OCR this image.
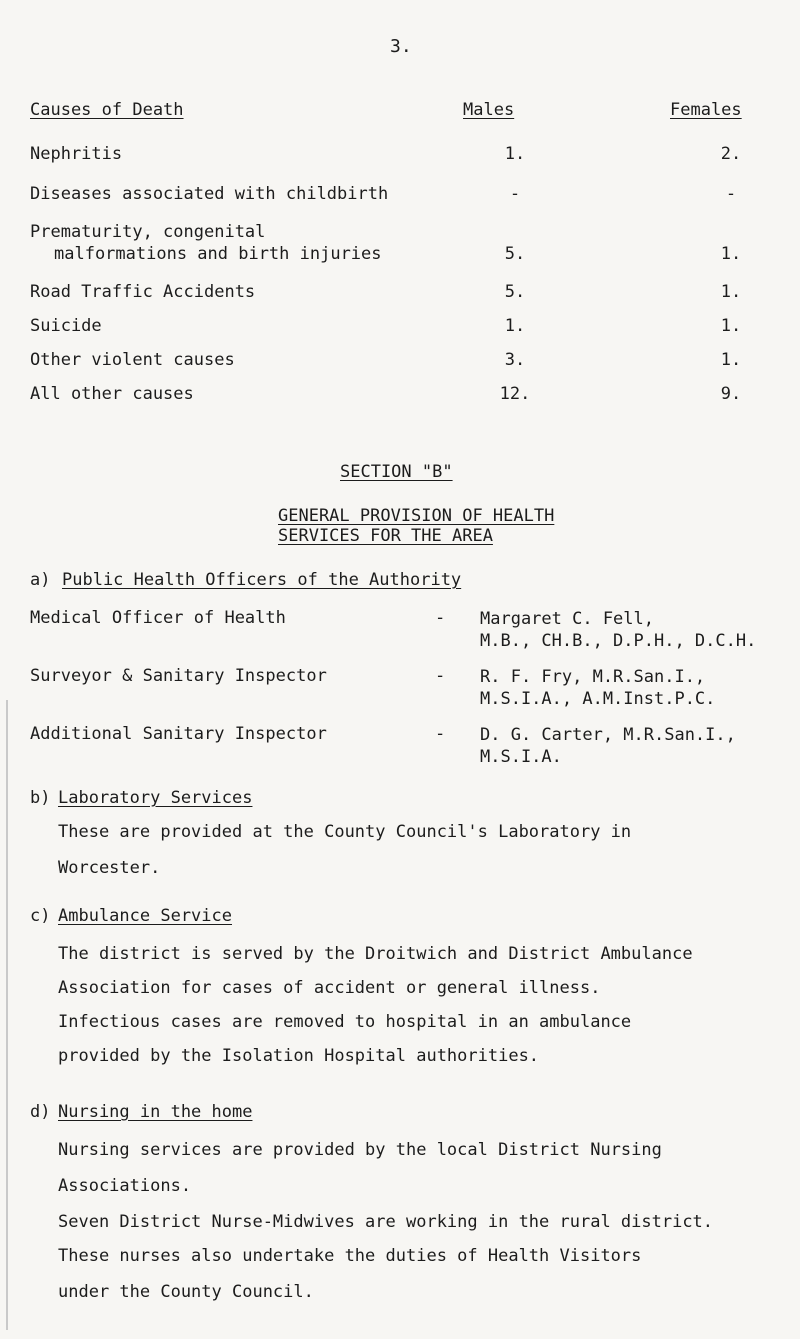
3.
Causes of Death	Males	Females
Nephritis	1.	2.
Diseases associated with childbirth	-	-
Prematurity, congenital
malformations and birth injuries	5.	1.
Road Traffic Accidents	5.	1.
Suicide	1.	1.
Other violent causes	3.	1.
All other causes	12.	9.
SECTION "B"
GENERAL PROVISION OF HEALTH
SERVICES FOR THE AREA
a) Public Health Officers of the Authority
Medical Officer of Health	- Margaret C. Fell,
M.B., CH.B., D.P.H., D.C.H.
Surveyor & Sanitary Inspector	- R. F. Fry, M.R.San.I.,
M.S.I.A., A.M.Inst.P.C.
Additional Sanitary Inspector	- D. G. Carter, M.R.San.I.,
M.S.I.A.
b) Laboratory Services
These are provided at the County Council's Laboratory in
Worcester.
c) Ambulance Service
The district is served by the Droitwich and District Ambulance
Association for cases of accident or general illness.
Infectious cases are removed to hospital in an ambulance
provided by the Isolation Hospital authorities.
d) Nursing in the home
Nursing services are provided by the local District Nursing
Associations.
Seven District Nurse-Midwives are working in the rural district.
These nurses also undertake the duties of Health Visitors
under the County Council.
